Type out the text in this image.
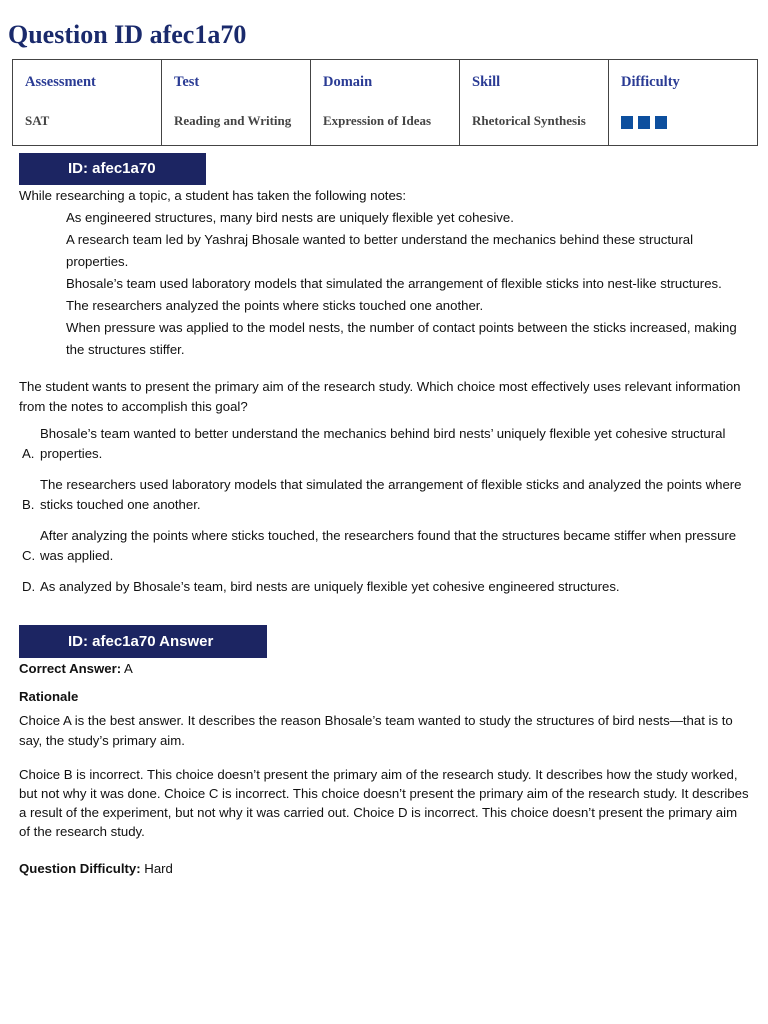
Question ID afec1a70
Assessment
SAT

Test
Reading and Writing

Domain
Expression of Ideas

Skill
Rhetorical Synthesis

Difficulty
ID: afec1a70

While researching a topic, a student has taken the following notes:

As engineered structures, many bird nests are uniquely flexible yet cohesive.
A research team led by Yashraj Bhosale wanted to better understand the mechanics behind these structural properties.
Bhosale’s team used laboratory models that simulated the arrangement of flexible sticks into nest-like structures.
The researchers analyzed the points where sticks touched one another.
When pressure was applied to the model nests, the number of contact points between the sticks increased, making the structures stiffer.

The student wants to present the primary aim of the research study. Which choice most effectively uses relevant information from the notes to accomplish this goal?

A.
Bhosale’s team wanted to better understand the mechanics behind bird nests’ uniquely flexible yet cohesive structural properties.
B.
The researchers used laboratory models that simulated the arrangement of flexible sticks and analyzed the points where sticks touched one another.
C.
After analyzing the points where sticks touched, the researchers found that the structures became stiffer when pressure was applied.
D. As analyzed by Bhosale’s team, bird nests are uniquely flexible yet cohesive engineered structures.
ID: afec1a70 Answer

Correct Answer: A

Rationale

Choice A is the best answer. It describes the reason Bhosale’s team wanted to study the structures of bird nests—that is to say, the study’s primary aim.

Choice B is incorrect. This choice doesn’t present the primary aim of the research study. It describes how the study worked, but not why it was done. Choice C is incorrect. This choice doesn’t present the primary aim of the research study. It describes a result of the experiment, but not why it was carried out. Choice D is incorrect. This choice doesn’t present the primary aim of the research study.

Question Difficulty: Hard
